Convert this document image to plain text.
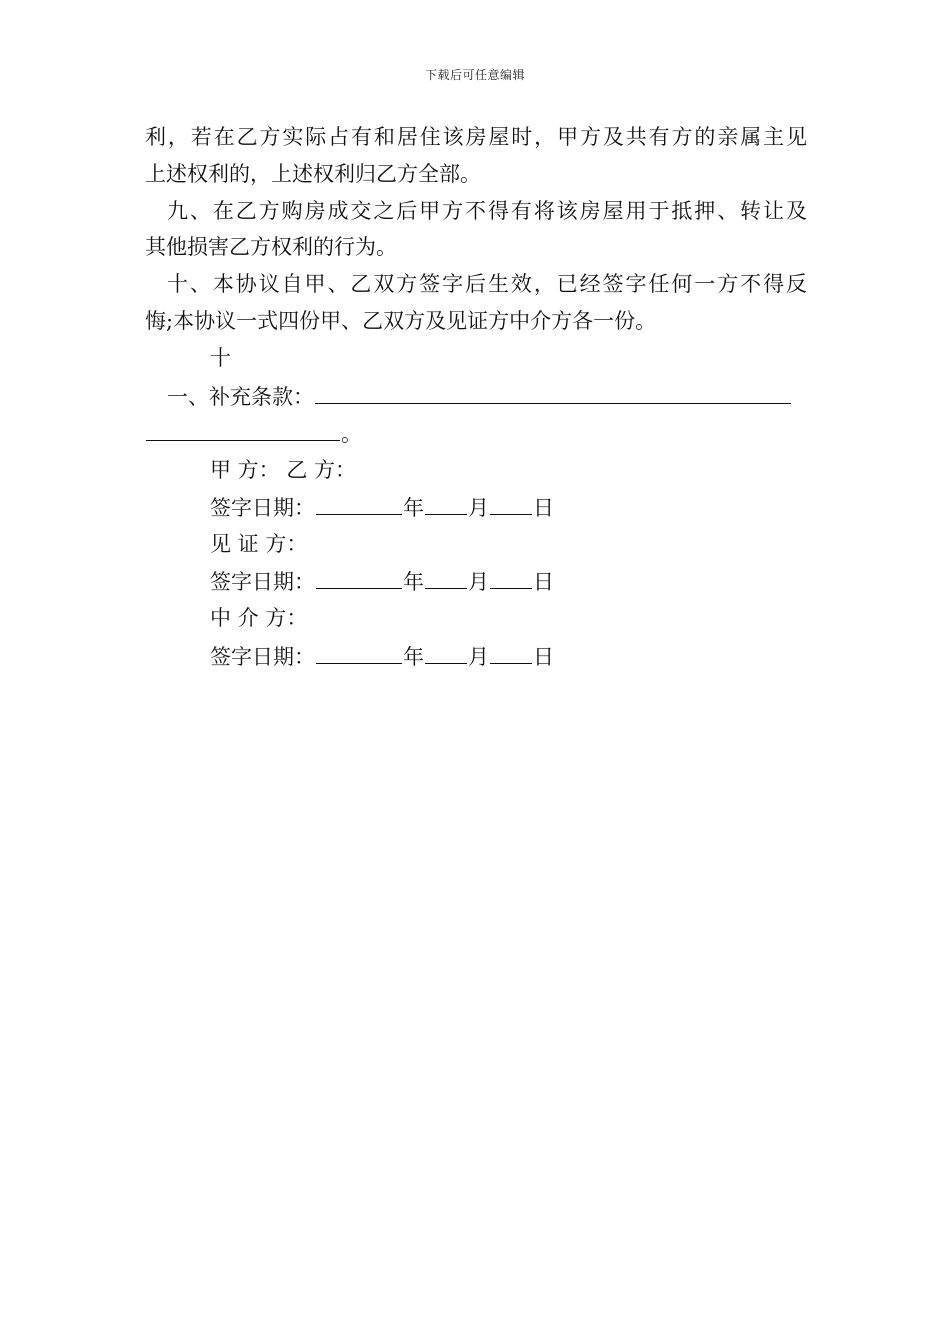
下载后可任意编辑
利，若在乙方实际占有和居住该房屋时，甲方及共有方的亲属主见
上述权利的，上述权利归乙方全部。
九、在乙方购房成交之后甲方不得有将该房屋用于抵押、转让及
其他损害乙方权利的行为。
十、本协议自甲、乙双方签字后生效，已经签字任何一方不得反
悔;本协议一式四份甲、乙双方及见证方中介方各一份。
十
一、补充条款：
。
甲 方： 乙 方：
签字日期：	年 月 日
见 证 方：
签字日期：	年 月 日
中 介 方：
签字日期：	年 月 日
